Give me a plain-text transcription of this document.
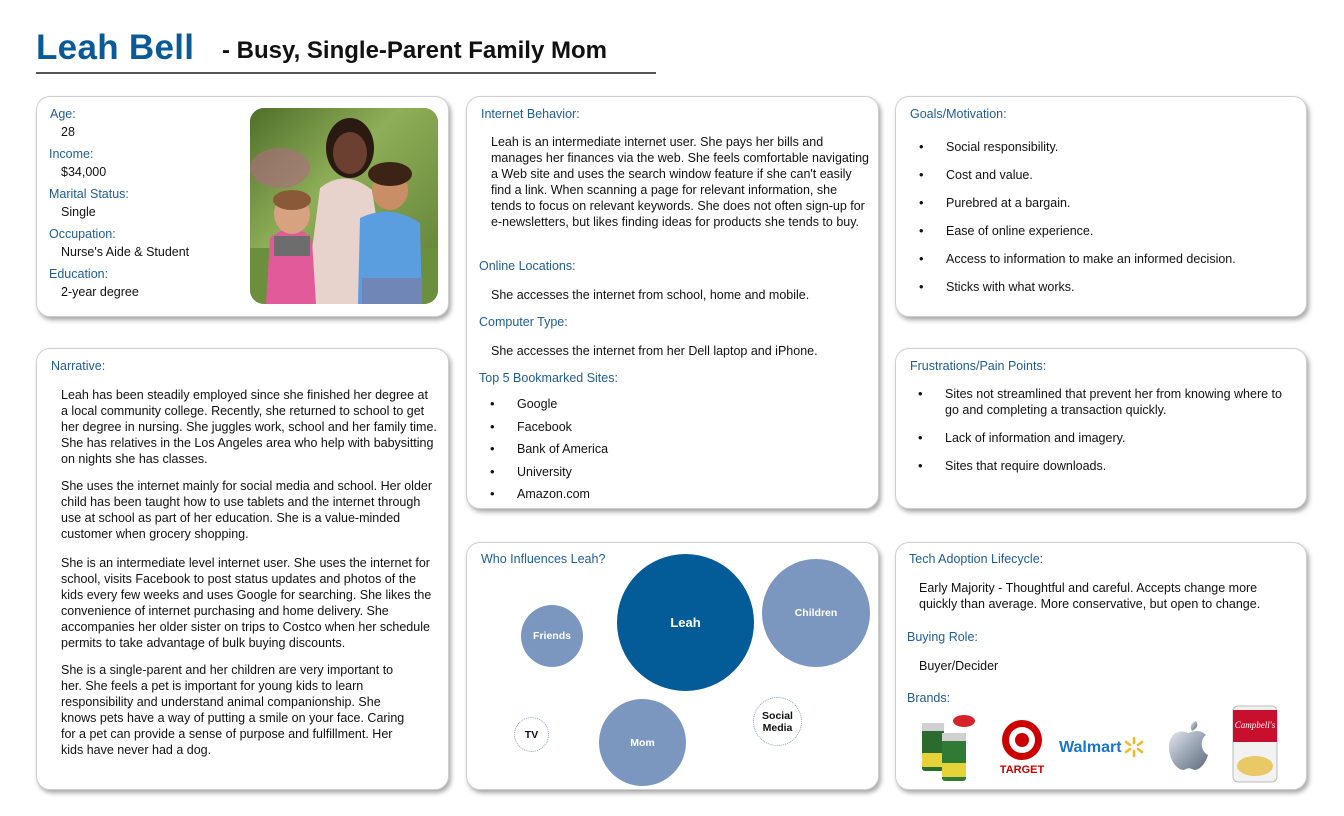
Leah Bell - Busy, Single-Parent Family Mom
Age:
28
Income:
$34,000
Marital Status:
Single
Occupation:
Nurse's Aide & Student
Education:
2-year degree
Narrative:
Leah has been steadily employed since she finished her degree at a local community college. Recently, she returned to school to get her degree in nursing. She juggles work, school and her family time. She has relatives in the Los Angeles area who help with babysitting on nights she has classes.
She uses the internet mainly for social media and school. Her older child has been taught how to use tablets and the internet through use at school as part of her education. She is a value-minded customer when grocery shopping.
She is an intermediate level internet user. She uses the internet for school, visits Facebook to post status updates and photos of the kids every few weeks and uses Google for searching. She likes the convenience of internet purchasing and home delivery. She accompanies her older sister on trips to Costco when her schedule permits to take advantage of bulk buying discounts.
She is a single-parent and her children are very important to her. She feels a pet is important for young kids to learn responsibility and understand animal companionship. She knows pets have a way of putting a smile on your face. Caring for a pet can provide a sense of purpose and fulfillment. Her kids have never had a dog.
Internet Behavior:
Leah is an intermediate internet user. She pays her bills and manages her finances via the web. She feels comfortable navigating a Web site and uses the search window feature if she can't easily find a link. When scanning a page for relevant information, she tends to focus on relevant keywords. She does not often sign-up for e-newsletters, but likes finding ideas for products she tends to buy.
Online Locations:
She accesses the internet from school, home and mobile.
Computer Type:
She accesses the internet from her Dell laptop and iPhone.
Top 5 Bookmarked Sites:
• Google
• Facebook
• Bank of America
• University
• Amazon.com
Who Influences Leah?
Leah
Children
Friends
Mom
TV
Social Media
Goals/Motivation:
• Social responsibility.
• Cost and value.
• Purebred at a bargain.
• Ease of online experience.
• Access to information to make an informed decision.
• Sticks with what works.
Frustrations/Pain Points:
• Sites not streamlined that prevent her from knowing where to go and completing a transaction quickly.
• Lack of information and imagery.
• Sites that require downloads.
Tech Adoption Lifecycle:
Early Majority - Thoughtful and careful. Accepts change more quickly than average. More conservative, but open to change.
Buying Role:
Buyer/Decider
Brands:
TARGET
Walmart
Campbell's
